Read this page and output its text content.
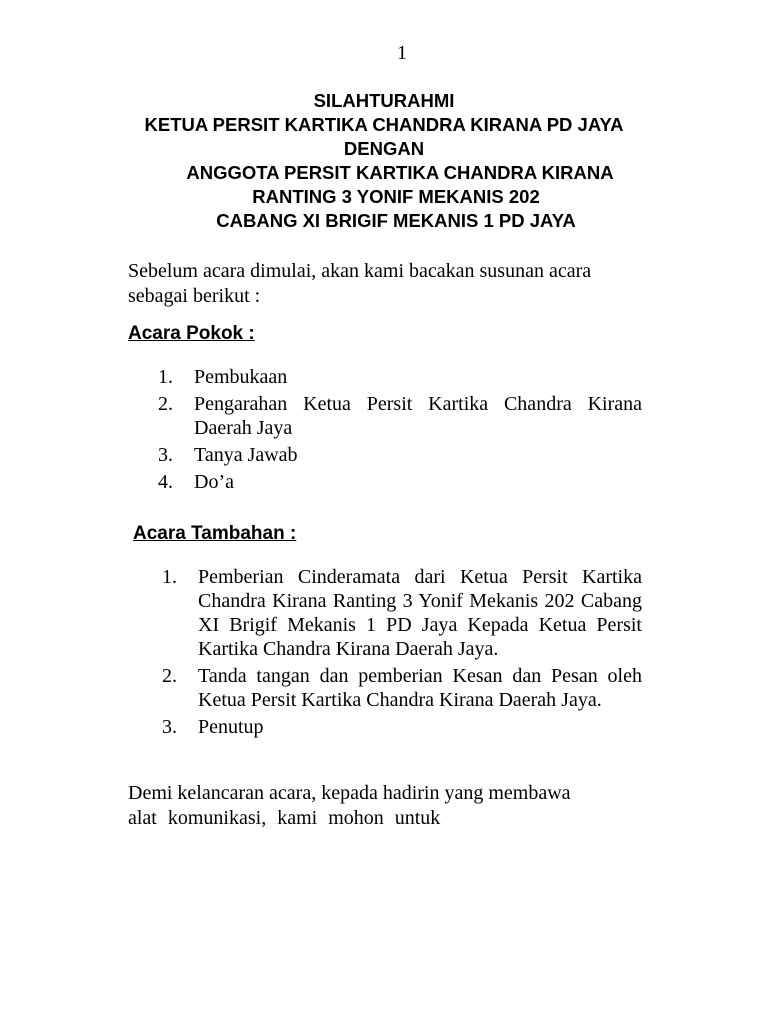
1
SILAHTURAHMI
KETUA PERSIT KARTIKA CHANDRA KIRANA PD JAYA
DENGAN
ANGGOTA PERSIT KARTIKA CHANDRA KIRANA
RANTING 3 YONIF MEKANIS 202
CABANG XI BRIGIF MEKANIS 1 PD JAYA
Sebelum acara dimulai, akan kami bacakan susunan acara sebagai berikut :
Acara Pokok :
1. Pembukaan
2. Pengarahan Ketua Persit Kartika Chandra Kirana Daerah Jaya
3. Tanya Jawab
4. Do’a
Acara Tambahan :
1. Pemberian Cinderamata dari Ketua Persit Kartika Chandra Kirana Ranting 3 Yonif Mekanis 202 Cabang XI Brigif Mekanis 1 PD Jaya Kepada Ketua Persit Kartika Chandra Kirana Daerah Jaya.
2. Tanda tangan dan pemberian Kesan dan Pesan oleh Ketua Persit Kartika Chandra Kirana Daerah Jaya.
3. Penutup
Demi kelancaran acara, kepada hadirin yang membawa
alat komunikasi, kami mohon untuk
